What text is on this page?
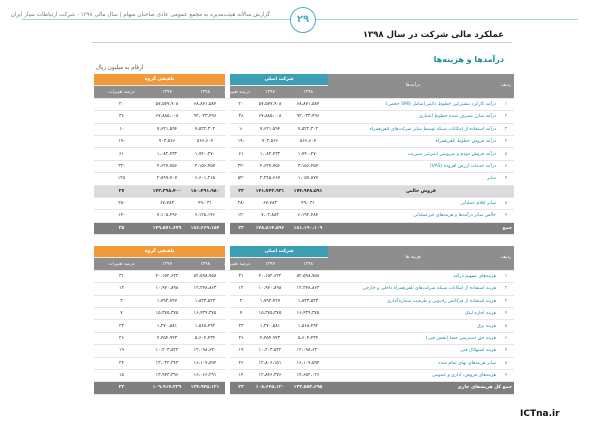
گزارش سالانه هیئت‌مدیره به مجمع عمومی عادی صاحبان سهام | سال مالی ۱۳۹۸ - شرکت ارتباطات سیار ایران	۲۹
عملکرد مالی شرکت در سال ۱۳۹۸
درآمدها و هزینه‌ها
ارقام به میلیون ریال
ردیف	درآمدها	شرکت اصلی				تلفیقی گروه		
		۱۳۹۸	۱۳۹۷	درصد تغییرات		۱۳۹۸	۱۳۹۷	درصد تغییرات
۱	درآمد کارکرد مشترکین خطوط دائمی(شامل SMS حجمی)	۶۸،۸۷۱،۵۸۴	۵۷،۵۷۷،۹۰۸	۲۰		۶۸،۸۷۱،۵۸۴	۵۷،۵۷۷،۹۰۸	۲۰
۲	درآمد شارژ مصرف شده خطوط اعتباری	۹۲،۰۳۳،۴۹۶	۶۷،۸۸۵،۰۰۸	۳۶		۹۲،۰۳۳،۴۹۶	۶۷،۸۸۵،۰۰۸	۳۶
۳	درآمد استفاده از امکانات شبکه توسط سایر شرکت‌های تلفن‌همراه	۷،۵۲۲،۳۰۲	۷،۶۲۱،۵۹۴	-۱		۷،۵۲۲،۳۰۲	۷،۶۲۱،۵۹۴	-۱
۴	درآمد فروش خطوط تلفن‌همراه	۵۶۶،۶۰۷	۷۰۳،۵۶۶	-۱۹		۵۶۶،۶۰۷	۷۰۳،۵۶۶	-۱۹
۵	درآمد فروش مودم و سرویس اینترنتی مبین‌نت	۱،۷۴۰،۲۷۰	۱،۰۸۲،۴۳۲	۶۱		۱،۷۴۰،۲۷۰	۱،۰۸۲،۴۳۲	۶۱
۶	درآمد خدمات ارزش افزوده (VAS)	۳،۱۵۶،۴۵۷	۴،۶۲۷،۷۵۶	-۳۲		۳،۱۵۶،۴۵۷	۴،۶۲۷،۷۵۶	-۳۲
۷	سایر	۱،۰۵۷،۸۷۷	۲،۲۴۵،۶۶۷	-۵۳		۶،۶۰۱،۲۶۵	۲،۸۹۹،۷۰۷	۱۲۸
فروش خالص		۱۷۴،۹۴۸،۵۹۱	۱۴۱،۷۴۳،۹۳۱	۲۳		۱۸۰،۴۹۱،۹۸۰	۱۴۲،۳۹۸،۴۰۰	۲۷
۸	سایر اقلام عملیاتی	۴۹،۰۳۱	۶۷،۷۸۳	-۲۸		۴۹،۰۳۱	۶۷،۷۸۳	-۲۸
۹	خالص سایر درآمدها و هزینه‌های غیرعملیاتی	۶،۱۹۲،۴۸۷	۷،۰۲،۸۸۲	-۱۲		۶،۱۲۸،۱۴۶	۷،۱۰۵،۴۹۶	-۱۴
جمع		۱۸۱،۱۹۰،۱۰۹	۱۴۸،۸۱۴،۵۹۶	۲۲		۱۸۶،۶۶۹،۱۵۷	۱۴۹،۵۷۱،۶۷۹	۲۵
ردیف	هزینه ها	شرکت اصلی				تلفیقی گروه		
		۱۳۹۸	۱۳۹۷	درصد تغییرات		۱۳۹۸	۱۳۹۷	درصد تغییرات
۱	هزینه‌های تسهیم درآمد	۵۲،۵۹۸،۷۵۸	۴۰،۱۵۲،۶۲۲	۳۱		۵۲،۵۹۸،۷۵۸	۴۰،۱۵۲،۶۲۲	۳۱
۲	هزینه استفاده از امکانات شبکه شرکت‌های تلفن‌همراه داخلی و خارجی	۱۲،۲۴۸،۸۶۳	۱۰،۹۷۰،۸۹۸	۱۲		۱۲،۲۴۸،۸۶۳	۱۰،۹۷۰،۸۹۸	۱۲
۳	هزینه استفاده از فرکانس رادیویی و ظرفیت شماره‌گذاری	۱،۸۳۳،۵۲۳	۱،۷۹۳،۷۲۷	۲		۱،۸۳۳،۵۲۳	۱،۷۹۳،۷۲۷	۲
۴	هزینه اجاره لینک	۱۶،۴۳۹،۳۷۵	۱۵،۳۷۵،۳۷۵	۷		۱۶،۴۳۹،۳۷۵	۱۵،۳۷۵،۳۷۵	۷
۵	هزینه برق	۱،۵۶۸،۴۹۲	۱،۲۷۰،۵۸۱	۲۳		۱،۵۶۸،۴۹۲	۱،۲۷۰،۵۸۱	۲۳
۶	هزینه حق دسترسی فضا (بخش فنی)	۵،۶۰۴،۴۳۴	۴،۴۵۴،۹۴۳	۲۶		۵،۶۰۴،۴۳۴	۴،۴۵۴،۹۴۳	۲۶
۷	هزینه استهلاک فنی	۱۲،۰۹۸،۶۳۰	۱۰،۲۰۳،۵۲۲	۱۹		۱۲،۰۹۸،۶۳۰	۱۰،۲۰۳،۵۲۲	۱۹
۸	سایر هزینه‌های بهای تمام شده	۱۶،۱۰۷،۵۹۴	۱۲،۸۰۶،۱۵۱	۲۶		۱۶،۱۰۷،۵۹۴	۱۳،۰۳۲،۲۴۳	۲۴
۹	هزینه‌های فروش، اداری و عمومی	۱۴،۶۵۲،۰۲۶	۱۲،۸۴۶،۳۷۶	۱۴		۱۶،۰۶۶،۲۹۱	۱۳،۹۴۳،۳۹۶	۱۵
جمع کل هزینه‌های جاری		۱۳۳،۵۵۳،۶۹۵	۱۰۸،۶۴۵،۱۲۰	۲۳		۱۳۴،۹۴۵،۱۲۱	۱۰۹،۹۱۷،۲۲۹	۲۳
ICTna.ir
